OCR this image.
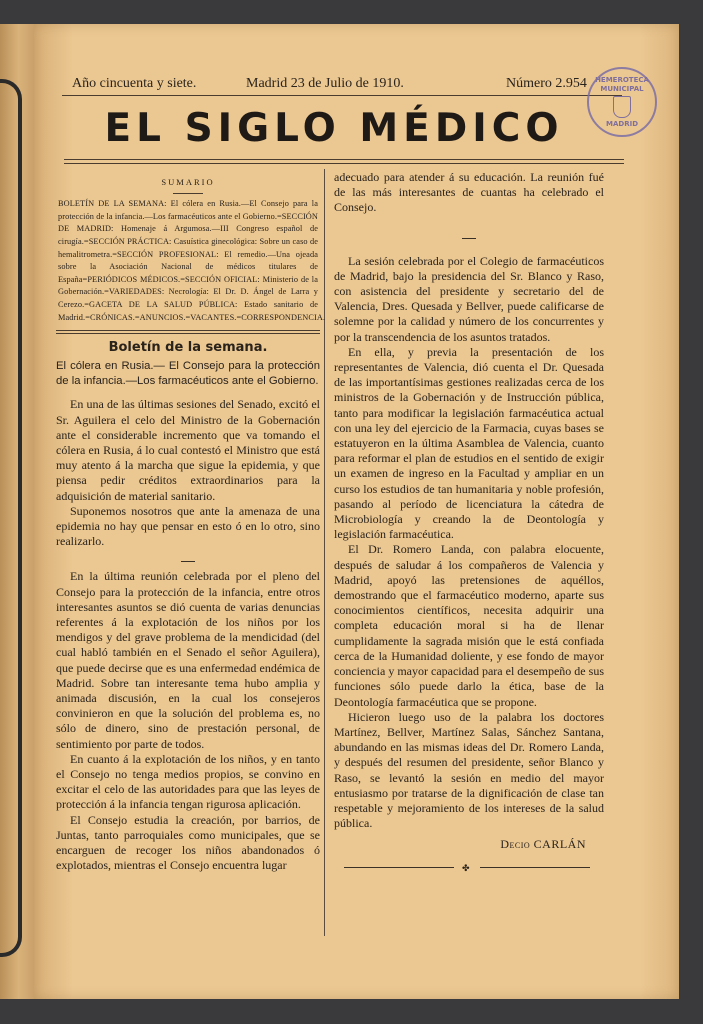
Año cincuenta y siete.	Madrid 23 de Julio de 1910.	Número 2.954	HEMEROTECA MUNICIPAL
MADRID
EL SIGLO MÉDICO
SUMARIO
BOLETÍN DE LA SEMANA: El cólera en Rusia.—El Consejo para la protección de la infancia.—Los farmacéuticos ante el Gobierno.=SECCIÓN DE MADRID: Homenaje á Argumosa.—III Congreso español de cirugía.=SECCIÓN PRÁCTICA: Casuística ginecológica: Sobre un caso de hemalitrometra.=SECCIÓN PROFESIONAL: El remedio.—Una ojeada sobre la Asociación Nacional de médicos titulares de España=PERIÓDICOS MÉDICOS.=SECCIÓN OFICIAL: Ministerio de la Gobernación.=VARIEDADES: Necrología: El Dr. D. Ángel de Larra y Cerezo.=GACETA DE LA SALUD PÚBLICA: Estado sanitario de Madrid.=CRÓNICAS.=ANUNCIOS.=VACANTES.=CORRESPONDENCIA.
Boletín de la semana.
El cólera en Rusia.— El Consejo para la protección de la infancia.—Los farmacéuticos ante el Gobierno.

En una de las últimas sesiones del Senado, excitó el Sr. Aguilera el celo del Ministro de la Gobernación ante el considerable incremento que va tomando el cólera en Rusia, á lo cual contestó el Ministro que está muy atento á la marcha que sigue la epidemia, y que piensa pedir créditos extraordinarios para la adquisición de material sanitario.

Suponemos nosotros que ante la amenaza de una epidemia no hay que pensar en esto ó en lo otro, sino realizarlo.

En la última reunión celebrada por el pleno del Consejo para la protección de la infancia, entre otros interesantes asuntos se dió cuenta de varias denuncias referentes á la explotación de los niños por los mendigos y del grave problema de la mendicidad (del cual habló también en el Senado el señor Aguilera), que puede decirse que es una enfermedad endémica de Madrid. Sobre tan interesante tema hubo amplia y animada discusión, en la cual los consejeros convinieron en que la solución del problema es, no sólo de dinero, sino de prestación personal, de sentimiento por parte de todos.

En cuanto á la explotación de los niños, y en tanto el Consejo no tenga medios propios, se convino en excitar el celo de las autoridades para que las leyes de protección á la infancia tengan rigurosa aplicación.

El Consejo estudia la creación, por barrios, de Juntas, tanto parroquiales como municipales, que se encarguen de recoger los niños abandonados ó explotados, mientras el Consejo encuentra lugar

adecuado para atender á su educación. La reunión fué de las más interesantes de cuantas ha celebrado el Consejo.

La sesión celebrada por el Colegio de farmacéuticos de Madrid, bajo la presidencia del Sr. Blanco y Raso, con asistencia del presidente y secretario del de Valencia, Dres. Quesada y Bellver, puede calificarse de solemne por la calidad y número de los concurrentes y por la transcendencia de los asuntos tratados.

En ella, y previa la presentación de los representantes de Valencia, dió cuenta el Dr. Quesada de las importantísimas gestiones realizadas cerca de los ministros de la Gobernación y de Instrucción pública, tanto para modificar la legislación farmacéutica actual con una ley del ejercicio de la Farmacia, cuyas bases se estatuyeron en la última Asamblea de Valencia, cuanto para reformar el plan de estudios en el sentido de exigir un examen de ingreso en la Facultad y ampliar en un curso los estudios de tan humanitaria y noble profesión, pasando al período de licenciatura la cátedra de Microbiología y creando la de Deontología y legislación farmacéutica.

El Dr. Romero Landa, con palabra elocuente, después de saludar á los compañeros de Valencia y Madrid, apoyó las pretensiones de aquéllos, demostrando que el farmacéutico moderno, aparte sus conocimientos científicos, necesita adquirir una completa educación moral si ha de llenar cumplidamente la sagrada misión que le está confiada cerca de la Humanidad doliente, y ese fondo de mayor conciencia y mayor capacidad para el desempeño de sus funciones sólo puede darlo la ética, base de la Deontología farmacéutica que se propone.

Hicieron luego uso de la palabra los doctores Martínez, Bellver, Martínez Salas, Sánchez Santana, abundando en las mismas ideas del Dr. Romero Landa, y después del resumen del presidente, señor Blanco y Raso, se levantó la sesión en medio del mayor entusiasmo por tratarse de la dignificación de clase tan respetable y mejoramiento de los intereses de la salud pública.

Decio CARLÁN
✤
